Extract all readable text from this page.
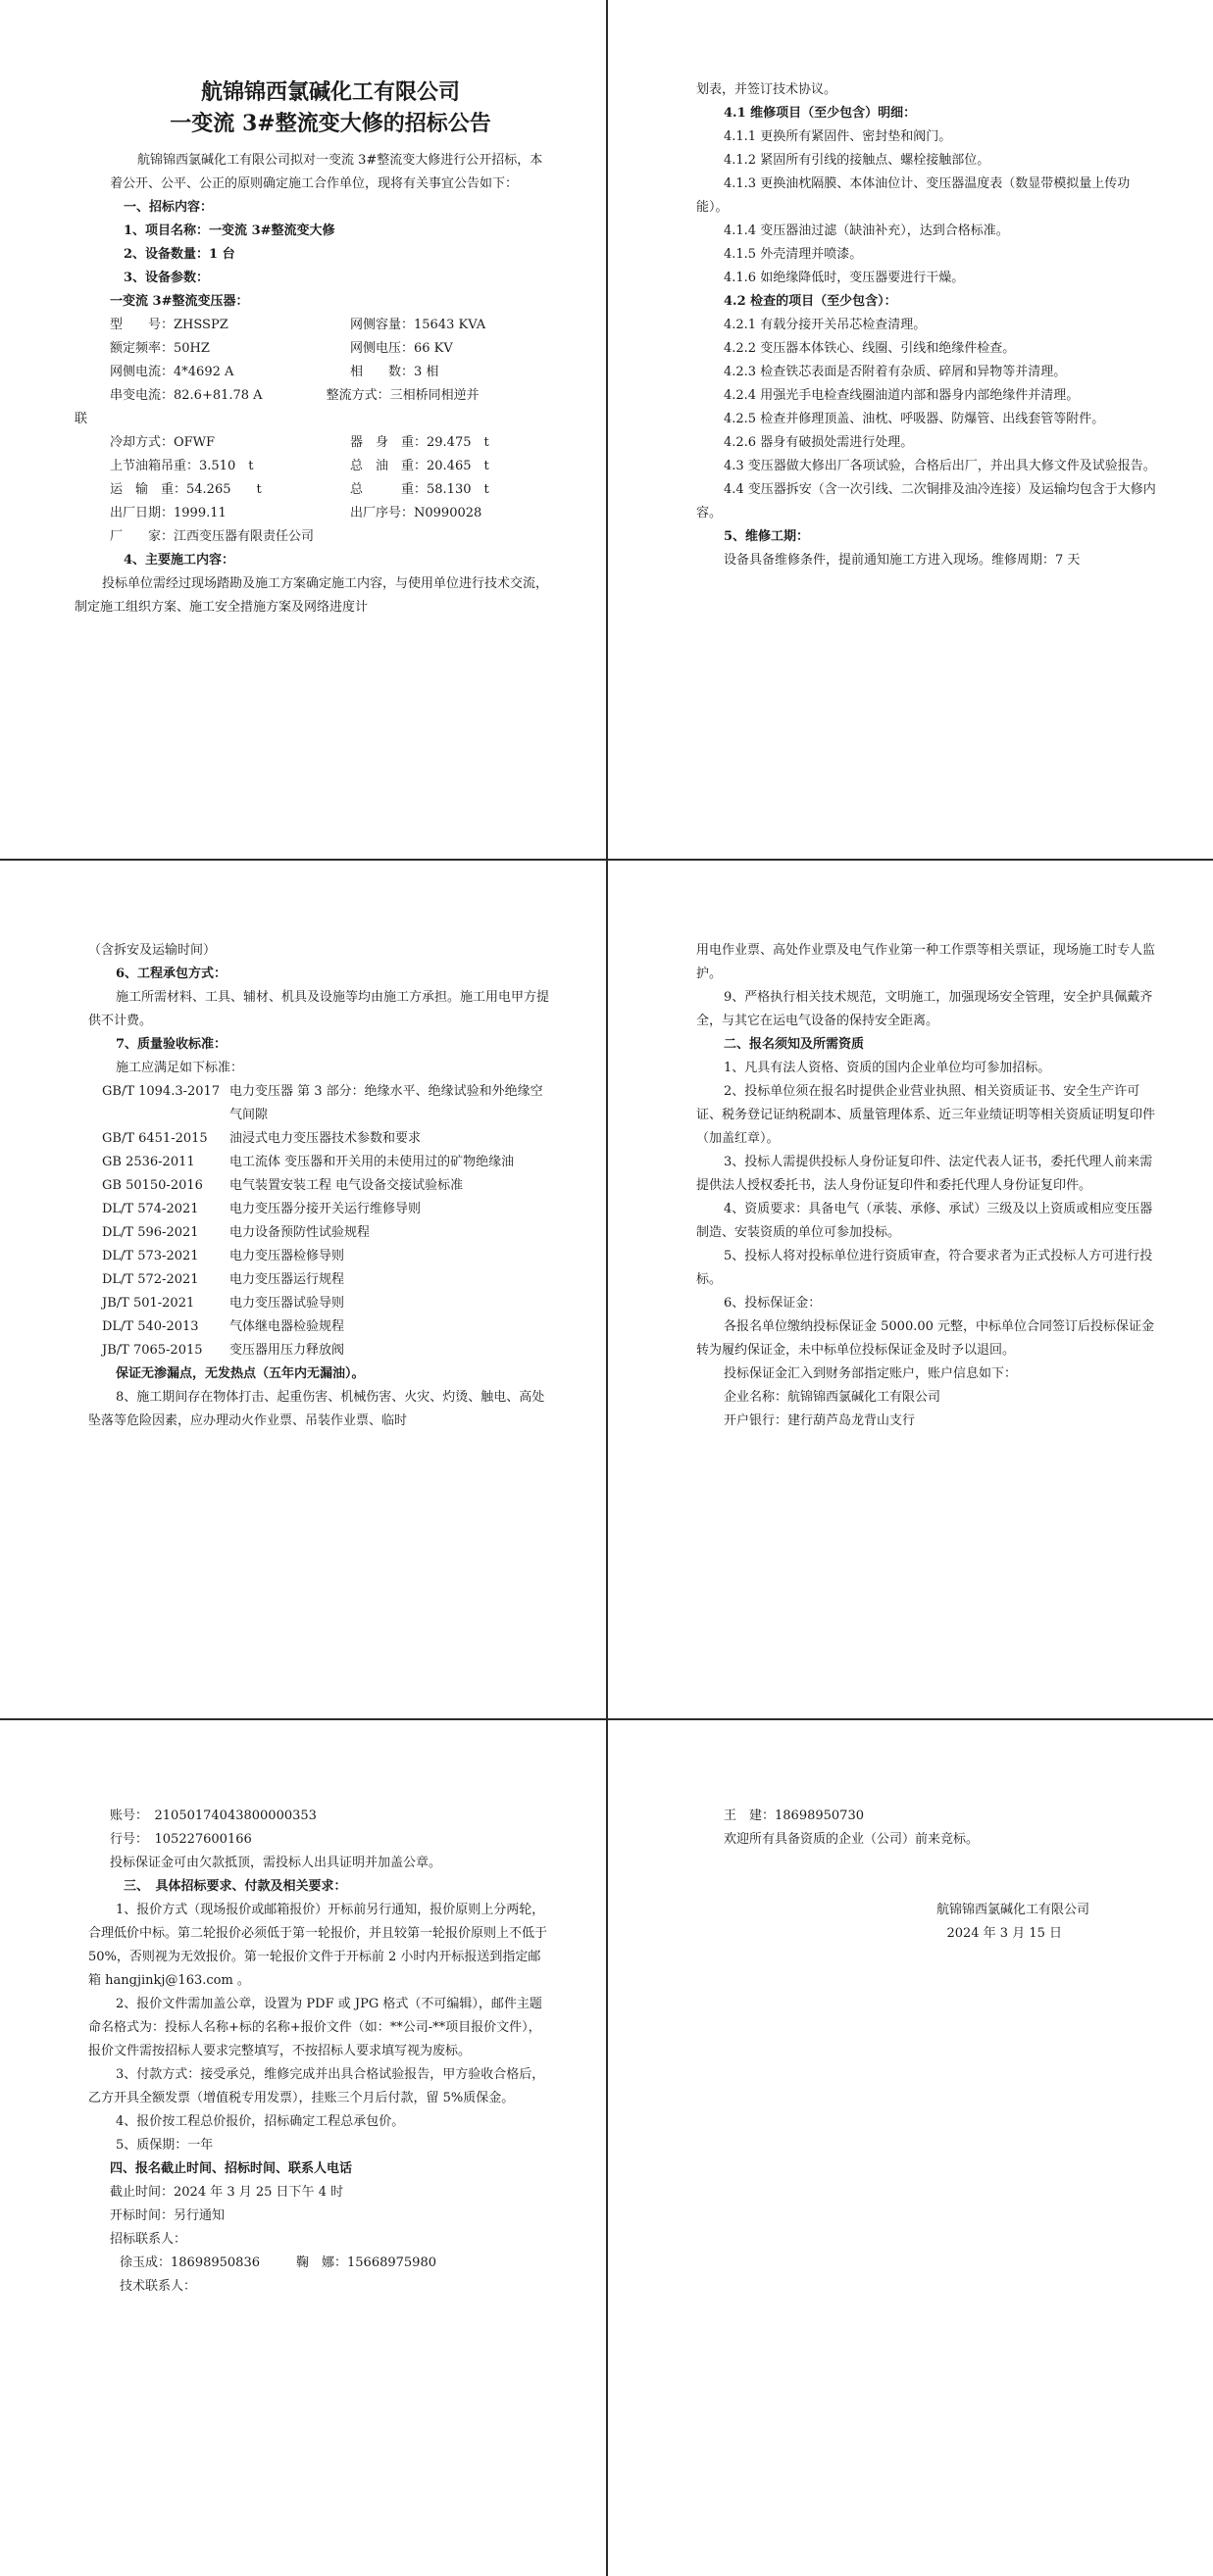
航锦锦西氯碱化工有限公司

一变流 3#整流变大修的招标公告

航锦锦西氯碱化工有限公司拟对一变流 3#整流变大修进行公开招标，本着公开、公平、公正的原则确定施工合作单位，现将有关事宜公告如下：

一、招标内容：

1、项目名称：一变流 3#整流变大修

2、设备数量：1 台

3、设备参数：

一变流 3#整流变压器：

型　　号：ZHSSPZ	网侧容量：15643 KVA
额定频率：50HZ	网侧电压：66 KV
网侧电流：4*4692 A	相　　数：3 相

串变电流：82.6+81.78 A　　　　　整流方式：三相桥同相逆并

联

冷却方式：OFWF	器　身　重：29.475　t
上节油箱吊重：3.510　t	总　油　重：20.465　t
运　输　重：54.265　　t	总　　　重：58.130　t
出厂日期：1999.11	出厂序号：N0990028

厂　　家：江西变压器有限责任公司

4、主要施工内容：

投标单位需经过现场踏勘及施工方案确定施工内容，与使用单位进行技术交流，制定施工组织方案、施工安全措施方案及网络进度计

划表，并签订技术协议。

4.1 维修项目（至少包含）明细：

4.1.1 更换所有紧固件、密封垫和阀门。

4.1.2 紧固所有引线的接触点、螺栓接触部位。

4.1.3 更换油枕隔膜、本体油位计、变压器温度表（数显带模拟量上传功能）。

4.1.4 变压器油过滤（缺油补充），达到合格标准。

4.1.5 外壳清理并喷漆。

4.1.6 如绝缘降低时，变压器要进行干燥。

4.2 检查的项目（至少包含）：

4.2.1 有载分接开关吊芯检查清理。

4.2.2 变压器本体铁心、线圈、引线和绝缘件检查。

4.2.3 检查铁芯表面是否附着有杂质、碎屑和异物等并清理。

4.2.4 用强光手电检查线圈油道内部和器身内部绝缘件并清理。

4.2.5 检查并修理顶盖、油枕、呼吸器、防爆管、出线套管等附件。

4.2.6 器身有破损处需进行处理。

4.3 变压器做大修出厂各项试验，合格后出厂，并出具大修文件及试验报告。

4.4 变压器拆安（含一次引线、二次铜排及油冷连接）及运输均包含于大修内容。

5、维修工期：

设备具备维修条件，提前通知施工方进入现场。维修周期：7 天

（含拆安及运输时间）

6、工程承包方式：

施工所需材料、工具、辅材、机具及设施等均由施工方承担。施工用电甲方提供不计费。

7、质量验收标准：

施工应满足如下标准：

GB/T 1094.3-2017 电力变压器 第 3 部分：绝缘水平、绝缘试验和外绝缘空气间隙
GB/T 6451-2015	油浸式电力变压器技术参数和要求
GB 2536-2011	电工流体 变压器和开关用的未使用过的矿物绝缘油
GB 50150-2016	电气装置安装工程 电气设备交接试验标准
DL/T 574-2021	电力变压器分接开关运行维修导则
DL/T 596-2021	电力设备预防性试验规程
DL/T 573-2021	电力变压器检修导则
DL/T 572-2021	电力变压器运行规程
JB/T 501-2021	电力变压器试验导则
DL/T 540-2013	气体继电器检验规程
JB/T 7065-2015	变压器用压力释放阀

保证无渗漏点，无发热点（五年内无漏油）。

8、施工期间存在物体打击、起重伤害、机械伤害、火灾、灼烫、触电、高处坠落等危险因素，应办理动火作业票、吊装作业票、临时

用电作业票、高处作业票及电气作业第一种工作票等相关票证，现场施工时专人监护。

9、严格执行相关技术规范，文明施工，加强现场安全管理，安全护具佩戴齐全，与其它在运电气设备的保持安全距离。

二、报名须知及所需资质

1、凡具有法人资格、资质的国内企业单位均可参加招标。

2、投标单位须在报名时提供企业营业执照、相关资质证书、安全生产许可证、税务登记证纳税副本、质量管理体系、近三年业绩证明等相关资质证明复印件（加盖红章）。

3、投标人需提供投标人身份证复印件、法定代表人证书，委托代理人前来需提供法人授权委托书，法人身份证复印件和委托代理人身份证复印件。

4、资质要求：具备电气（承装、承修、承试）三级及以上资质或相应变压器制造、安装资质的单位可参加投标。

5、投标人将对投标单位进行资质审查，符合要求者为正式投标人方可进行投标。

6、投标保证金：

各报名单位缴纳投标保证金 5000.00 元整，中标单位合同签订后投标保证金转为履约保证金，未中标单位投标保证金及时予以退回。

投标保证金汇入到财务部指定账户，账户信息如下：

企业名称：航锦锦西氯碱化工有限公司

开户银行：建行葫芦岛龙背山支行

账号：　21050174043800000353

行号：　105227600166

投标保证金可由欠款抵顶，需投标人出具证明并加盖公章。

三、　具体招标要求、付款及相关要求：

1、报价方式（现场报价或邮箱报价）开标前另行通知，报价原则上分两轮，合理低价中标。第二轮报价必须低于第一轮报价，并且较第一轮报价原则上不低于 50%，否则视为无效报价。第一轮报价文件于开标前 2 小时内开标报送到指定邮箱 hangjinkj@163.com 。

2、报价文件需加盖公章，设置为 PDF 或 JPG 格式（不可编辑），邮件主题命名格式为：投标人名称+标的名称+报价文件（如：**公司-**项目报价文件），报价文件需按招标人要求完整填写，不按招标人要求填写视为废标。

3、付款方式：接受承兑，维修完成并出具合格试验报告，甲方验收合格后，乙方开具全额发票（增值税专用发票），挂账三个月后付款，留 5%质保金。

4、报价按工程总价报价，招标确定工程总承包价。

5、质保期：一年

四、报名截止时间、招标时间、联系人电话

截止时间：2024 年 3 月 25 日下午 4 时

开标时间：另行通知

招标联系人：

徐玉成：18698950836	鞠　娜：15668975980

技术联系人：

王　建：18698950730

欢迎所有具备资质的企业（公司）前来竞标。

航锦锦西氯碱化工有限公司

2024 年 3 月 15 日
